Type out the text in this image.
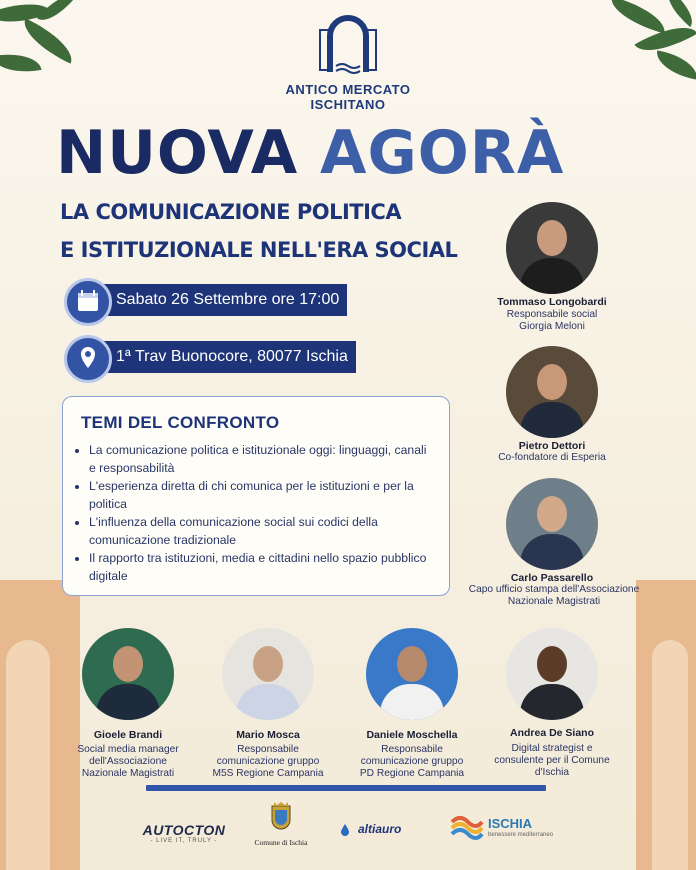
ANTICO MERCATO
ISCHITANO
NUOVA AGORÀ
LA COMUNICAZIONE POLITICA
E ISTITUZIONALE NELL'ERA SOCIAL
Sabato 26 Settembre ore 17:00
1ª Trav Buonocore, 80077 Ischia
TEMI DEL CONFRONTO
• La comunicazione politica e istituzionale oggi: linguaggi, canali e responsabilità
• L'esperienza diretta di chi comunica per le istituzioni e per la politica
• L'influenza della comunicazione social sui codici della comunicazione tradizionale
• Il rapporto tra istituzioni, media e cittadini nello spazio pubblico digitale
Tommaso Longobardi
Responsabile social
Giorgia Meloni
Pietro Dettori
Co-fondatore di Esperia
Carlo Passarello
Capo ufficio stampa dell'Associazione
Nazionale Magistrati
Gioele Brandi
Social media manager
dell'Associazione
Nazionale Magistrati
Mario Mosca
Responsabile
comunicazione gruppo
M5S Regione Campania
Daniele Moschella
Responsabile
comunicazione gruppo
PD Regione Campania
Andrea De Siano
Digital strategist e
consulente per il Comune
d'Ischia
AUTOCTON
- LIVE IT, TRULY -	Comune di Ischia
altiauro	ISCHIA
benessere mediterraneo
